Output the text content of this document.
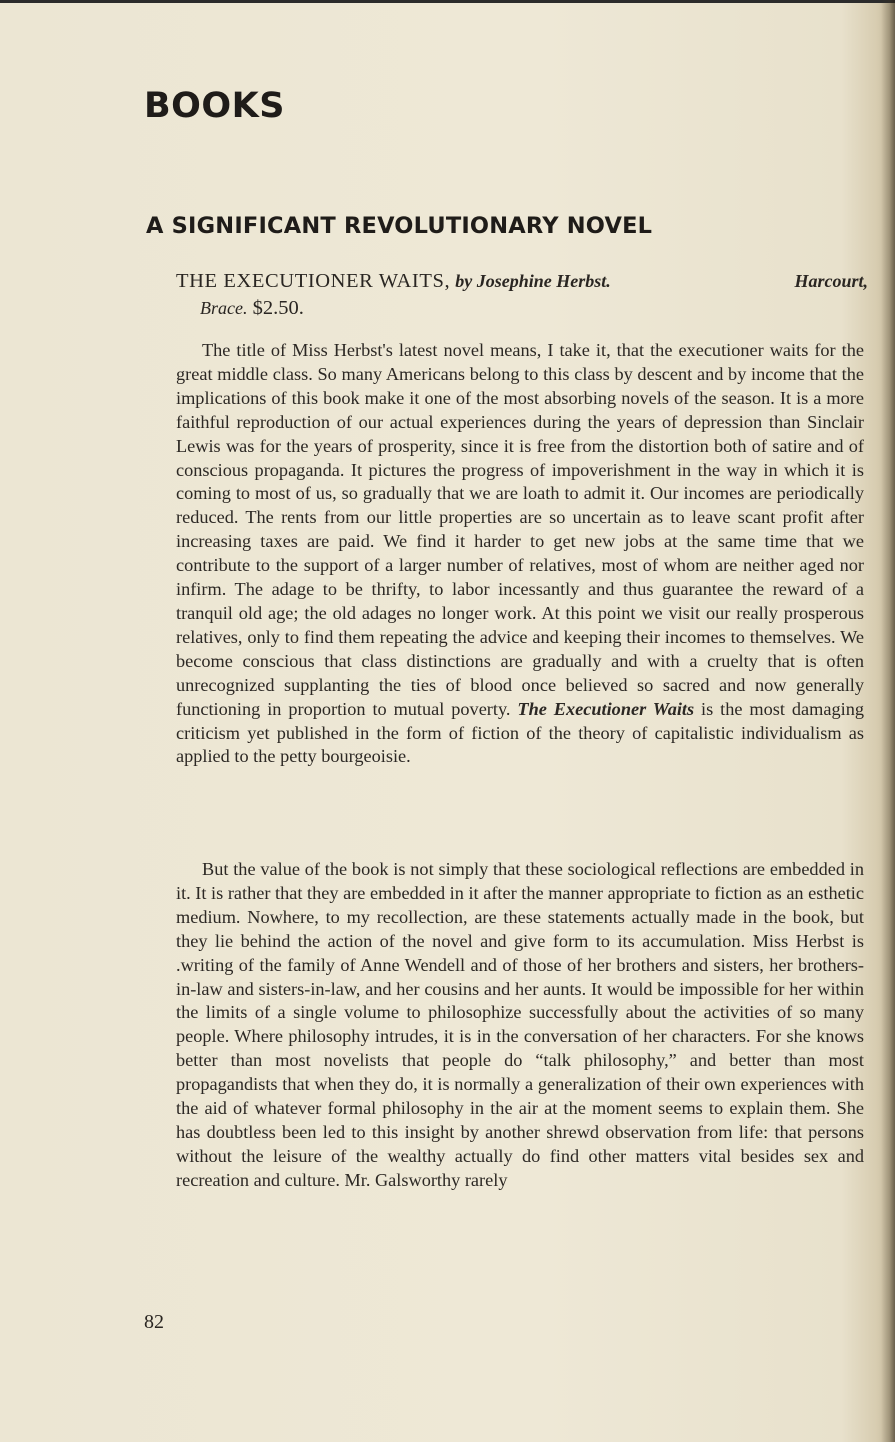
BOOKS
A SIGNIFICANT REVOLUTIONARY NOVEL

THE EXECUTIONER WAITS, by Josephine Herbst.	Harcourt,

Brace. $2.50.

The title of Miss Herbst's latest novel means, I take it, that the executioner waits for the great middle class. So many Americans belong to this class by descent and by income that the implications of this book make it one of the most absorbing novels of the season. It is a more faithful reproduction of our actual experiences during the years of depression than Sinclair Lewis was for the years of prosperity, since it is free from the distortion both of satire and of conscious propaganda. It pictures the progress of impoverishment in the way in which it is coming to most of us, so gradually that we are loath to admit it. Our incomes are periodically reduced. The rents from our little properties are so uncertain as to leave scant profit after increasing taxes are paid. We find it harder to get new jobs at the same time that we contribute to the support of a larger number of relatives, most of whom are neither aged nor infirm. The adage to be thrifty, to labor incessantly and thus guarantee the reward of a tranquil old age; the old adages no longer work. At this point we visit our really prosperous relatives, only to find them repeating the advice and keeping their incomes to themselves. We become conscious that class distinctions are gradually and with a cruelty that is often unrecognized supplanting the ties of blood once believed so sacred and now generally functioning in proportion to mutual poverty. The Executioner Waits is the most damaging criticism yet published in the form of fiction of the theory of capitalistic individualism as applied to the petty bourgeoisie.

But the value of the book is not simply that these sociological reflections are embedded in it. It is rather that they are embedded in it after the manner appropriate to fiction as an esthetic medium. Nowhere, to my recollection, are these statements actually made in the book, but they lie behind the action of the novel and give form to its accumulation. Miss Herbst is .writing of the family of Anne Wendell and of those of her brothers and sisters, her brothers-in-law and sisters-in-law, and her cousins and her aunts. It would be impossible for her within the limits of a single volume to philosophize successfully about the activities of so many people. Where philosophy intrudes, it is in the conversation of her characters. For she knows better than most novelists that people do “talk philosophy,” and better than most propagandists that when they do, it is normally a generalization of their own experiences with the aid of whatever formal philosophy in the air at the moment seems to explain them. She has doubtless been led to this insight by another shrewd observation from life: that persons without the leisure of the wealthy actually do find other matters vital besides sex and recreation and culture. Mr. Galsworthy rarely

82
